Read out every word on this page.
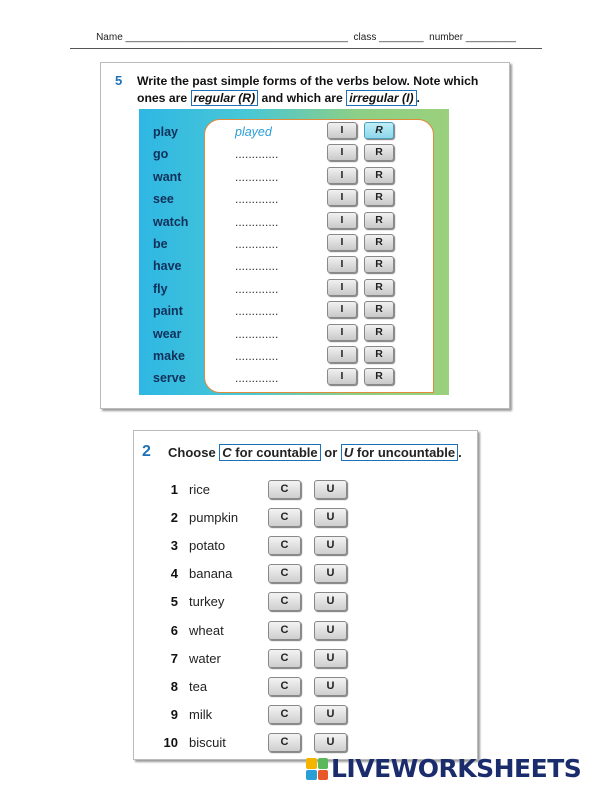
Name ________________________________________  class ________  number _________
5 Write the past simple forms of the verbs below. Note which ones are regular (R) and which are irregular (I) .
play	played	I	R
go	.............	I	R
want	.............	I	R
see	.............	I	R
watch	.............	I	R
be	.............	I	R
have	.............	I	R
fly	.............	I	R
paint	.............	I	R
wear	.............	I	R
make	.............	I	R
serve	.............	I	R
2 Choose C for countable or U for uncountable .
1 rice	C	U
2 pumpkin	C	U
3 potato	C	U
4 banana	C	U
5 turkey	C	U
6 wheat	C	U
7 water	C	U
8 tea	C	U
9 milk	C	U
10 biscuit	C	U
LIVEWORKSHEETS
